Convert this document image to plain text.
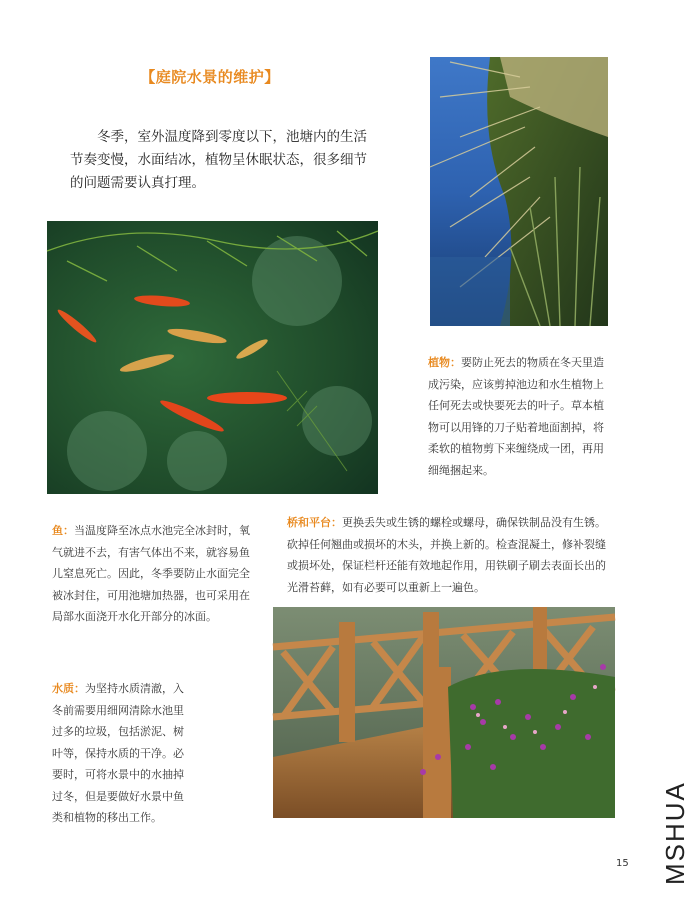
【庭院水景的维护】
冬季，室外温度降到零度以下，池塘内的生活节奏变慢，水面结冰，植物呈休眠状态，很多细节的问题需要认真打理。
植物：要防止死去的物质在冬天里造成污染，应该剪掉池边和水生植物上任何死去或快要死去的叶子。草本植物可以用锋的刀子贴着地面割掉，将柔软的植物剪下来缠绕成一团，再用细绳捆起来。
鱼：当温度降至冰点水池完全冰封时，氧气就进不去，有害气体出不来，就容易鱼儿窒息死亡。因此，冬季要防止水面完全被冰封住，可用池塘加热器，也可采用在局部水面浇开水化开部分的冰面。
桥和平台：更换丢失或生锈的螺栓或螺母，确保铁制品没有生锈。砍掉任何翘曲或损坏的木头，并换上新的。检查混凝土，修补裂缝或损坏处，保证栏杆还能有效地起作用，用铁刷子刷去表面长出的光滑苔藓，如有必要可以重新上一遍色。
水质：为坚持水质清澈，入冬前需要用细网清除水池里过多的垃圾，包括淤泥、树叶等，保持水质的干净。必要时，可将水景中的水抽掉过冬，但是要做好水景中鱼类和植物的移出工作。	MSHUA
15
